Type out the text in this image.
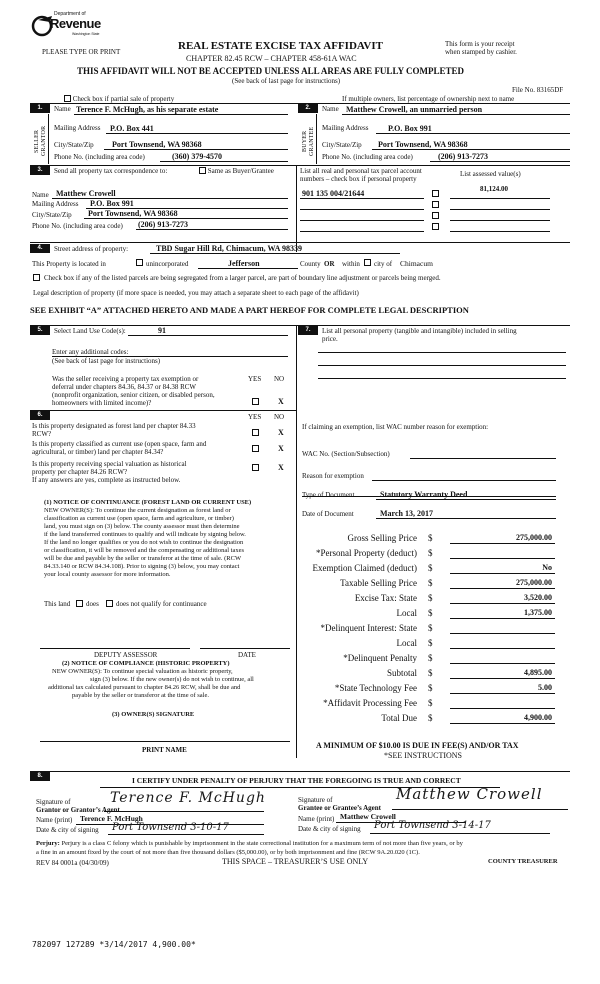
Department of
Revenue
Washington State
PLEASE TYPE OR PRINT	REAL ESTATE EXCISE TAX AFFIDAVIT
CHAPTER 82.45 RCW – CHAPTER 458-61A WAC
This form is your receipt
when stamped by cashier.
THIS AFFIDAVIT WILL NOT BE ACCEPTED UNLESS ALL AREAS ARE FULLY COMPLETED
(See back of last page for instructions)
File No. 83165DF
Check box if partial sale of property	If multiple owners, list percentage of ownership next to name
1.
SELLER GRANTOR
Name Terence F. McHugh, as his separate estate
Mailing Address P.O. Box 441
City/State/Zip Port Townsend, WA 98368
Phone No. (including area code)	(360) 379-4570
2.
BUYER GRANTEE
Name Matthew Crowell, an unmarried person
Mailing Address P.O. Box 991
City/State/Zip Port Townsend, WA 98368
Phone No. (including area code)	(206) 913-7273
3.	Send all property tax correspondence to:	Same as Buyer/Grantee	List all real and personal tax parcel account
numbers – check box if personal property
List assessed value(s)
81,124.00
Name Matthew Crowell
Mailing Address P.O. Box 991
City/State/Zip Port Townsend, WA 98368
Phone No. (including area code) (206) 913-7273
901 135 004/21644
4.	Street address of property:	TBD Sugar Hill Rd, Chimacum, WA 98339
This Property is located in	unincorporated	Jefferson	County OR within city of Chimacum
Check box if any of the listed parcels are being segregated from a larger parcel, are part of boundary line adjustment or parcels being merged.
Legal description of property (if more space is needed, you may attach a separate sheet to each page of the affidavit)
SEE EXHIBIT “A” ATTACHED HERETO AND MADE A PART HEREOF FOR COMPLETE LEGAL DESCRIPTION
5.	Select Land Use Code(s):	91
Enter any additional codes:
(See back of last page for instructions)
YES NO
Was the seller receiving a property tax exemption or
deferral under chapters 84.36, 84.37 or 84.38 RCW
(nonprofit organization, senior citizen, or disabled person,
homeowners with limited income)?	X
6.	YES NO
Is this property designated as forest land per chapter 84.33
RCW?	X
Is this property classified as current use (open space, farm and
agricultural, or timber) land per chapter 84.34?	X
Is this property receiving special valuation as historical
property per chapter 84.26 RCW?	X
If any answers are yes, complete as instructed below.
(1) NOTICE OF CONTINUANCE (FOREST LAND OR CURRENT USE)
NEW OWNER(S): To continue the current designation as forest land or
classification as current use (open space, farm and agriculture, or timber)
land, you must sign on (3) below. The county assessor must then determine
if the land transferred continues to qualify and will indicate by signing below.
If the land no longer qualifies or you do not wish to continue the designation
or classification, it will be removed and the compensating or additional taxes
will be due and payable by the seller or transferor at the time of sale. (RCW
84.33.140 or RCW 84.34.108). Prior to signing (3) below, you may contact
your local county assessor for more information.
This land does does not qualify for continuance
DEPUTY ASSESSOR	DATE
(2) NOTICE OF COMPLIANCE (HISTORIC PROPERTY)
NEW OWNER(S): To continue special valuation as historic property,
sign (3) below. If the new owner(s) do not wish to continue, all
additional tax calculated pursuant to chapter 84.26 RCW, shall be due and
payable by the seller or transferor at the time of sale.
(3) OWNER(S) SIGNATURE
PRINT NAME
7.	List all personal property (tangible and intangible) included in selling
price.
If claiming an exemption, list WAC number reason for exemption:
WAC No. (Section/Subsection)
Reason for exemption
Type of Document	Statutory Warranty Deed
Date of Document	March 13, 2017
Gross Selling Price $	275,000.00
*Personal Property (deduct) $
Exemption Claimed (deduct) $	No
Taxable Selling Price $	275,000.00
Excise Tax: State $	3,520.00
Local $	1,375.00
*Delinquent Interest: State $
Local $
*Delinquent Penalty $
Subtotal $	4,895.00
*State Technology Fee $	5.00
*Affidavit Processing Fee $
Total Due $	4,900.00
A MINIMUM OF $10.00 IS DUE IN FEE(S) AND/OR TAX
*SEE INSTRUCTIONS
8.	I CERTIFY UNDER PENALTY OF PERJURY THAT THE FOREGOING IS TRUE AND CORRECT
Signature of
Grantor or Grantor’s Agent
Terence F. McHugh
Name (print) Terence F. McHugh
Date & city of signing Port Townsend 3-10-17
Signature of
Grantee or Grantee’s Agent
Matthew Crowell
Name (print) Matthew Crowell
Date & city of signing Port Townsend 3-14-17
Perjury: Perjury is a class C felony which is punishable by imprisonment in the state correctional institution for a maximum term of not more than five years, or by
a fine in an amount fixed by the court of not more than five thousand dollars ($5,000.00), or by both imprisonment and fine (RCW 9A.20.020 (1C).
REV 84 0001a (04/30/09)	THIS SPACE – TREASURER’S USE ONLY	COUNTY TREASURER
782097 127289 *3/14/2017 4,900.00*
